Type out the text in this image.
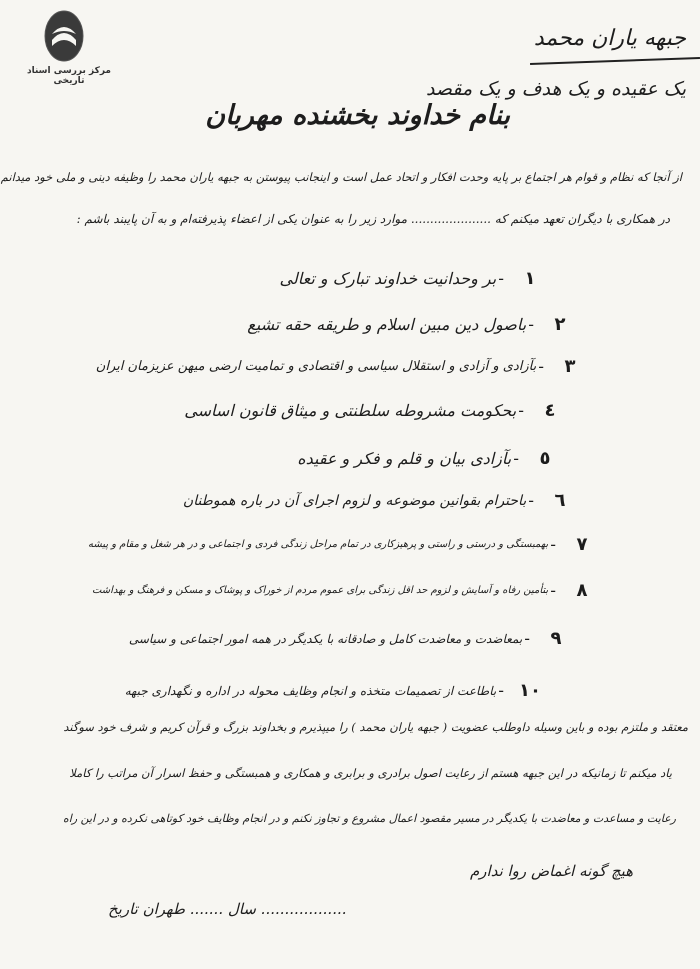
مرکز بررسی اسناد تاریخی
جبهه یاران محمد
یک عقیده و یک هدف و یک مقصد
بنام خداوند بخشنده مهربان
از آنجا که نظام و قوام هر اجتماع بر پایه وحدت افکار و اتحاد عمل است و اینجانب پیوستن به جبهه یاران محمد را وظیفه دینی و ملی خود میدانم
در همکاری با دیگران تعهد میکنم که ..................... موارد زیر را به عنوان یکی از اعضاء پذیرفته‌ام و به آن پایبند باشم :
بر وحدانیت خداوند تبارک و تعالی -	١
باصول دین مبین اسلام و طریقه حقه تشیع -	٢
بآزادی و آزادی و استقلال سیاسی و اقتصادی و تمامیت ارضی میهن عزیزمان ایران -	٣
بحکومت مشروطه سلطنتی و میثاق قانون اساسی -	٤
بآزادی بیان و قلم و فکر و عقیده -	٥
باحترام بقوانین موضوعه و لزوم اجرای آن در باره هموطنان -	٦
بهمبستگی و درستی و راستی و پرهیزکاری در تمام مراحل زندگی فردی و اجتماعی و در هر شغل و مقام و پیشه -	٧
بتأمین رفاه و آسایش و لزوم حد اقل زندگی برای عموم مردم از خوراک و پوشاک و مسکن و فرهنگ و بهداشت -	٨
بمعاضدت و معاضدت کامل و صادقانه با یکدیگر در همه امور اجتماعی و سیاسی -	٩
باطاعت از تصمیمات متخذه و انجام وظایف محوله در اداره و نگهداری جبهه - ١٠
معتقد و ملتزم بوده و باین وسیله داوطلب عضویت ( جبهه یاران محمد ) را میپذیرم و بخداوند بزرگ و قرآن کریم و شرف خود سوگند
یاد میکنم تا زمانیکه در این جبهه هستم از رعایت اصول برادری و برابری و همکاری و همبستگی و حفظ اسرار آن مراتب را کاملا
رعایت و مساعدت و معاضدت با یکدیگر در مسیر مقصود اعمال مشروع و تجاوز نکنم و در انجام وظایف خود کوتاهی نکرده و در این راه
هیچ گونه اغماض روا ندارم
سال ....... طهران تاریخ ..................
